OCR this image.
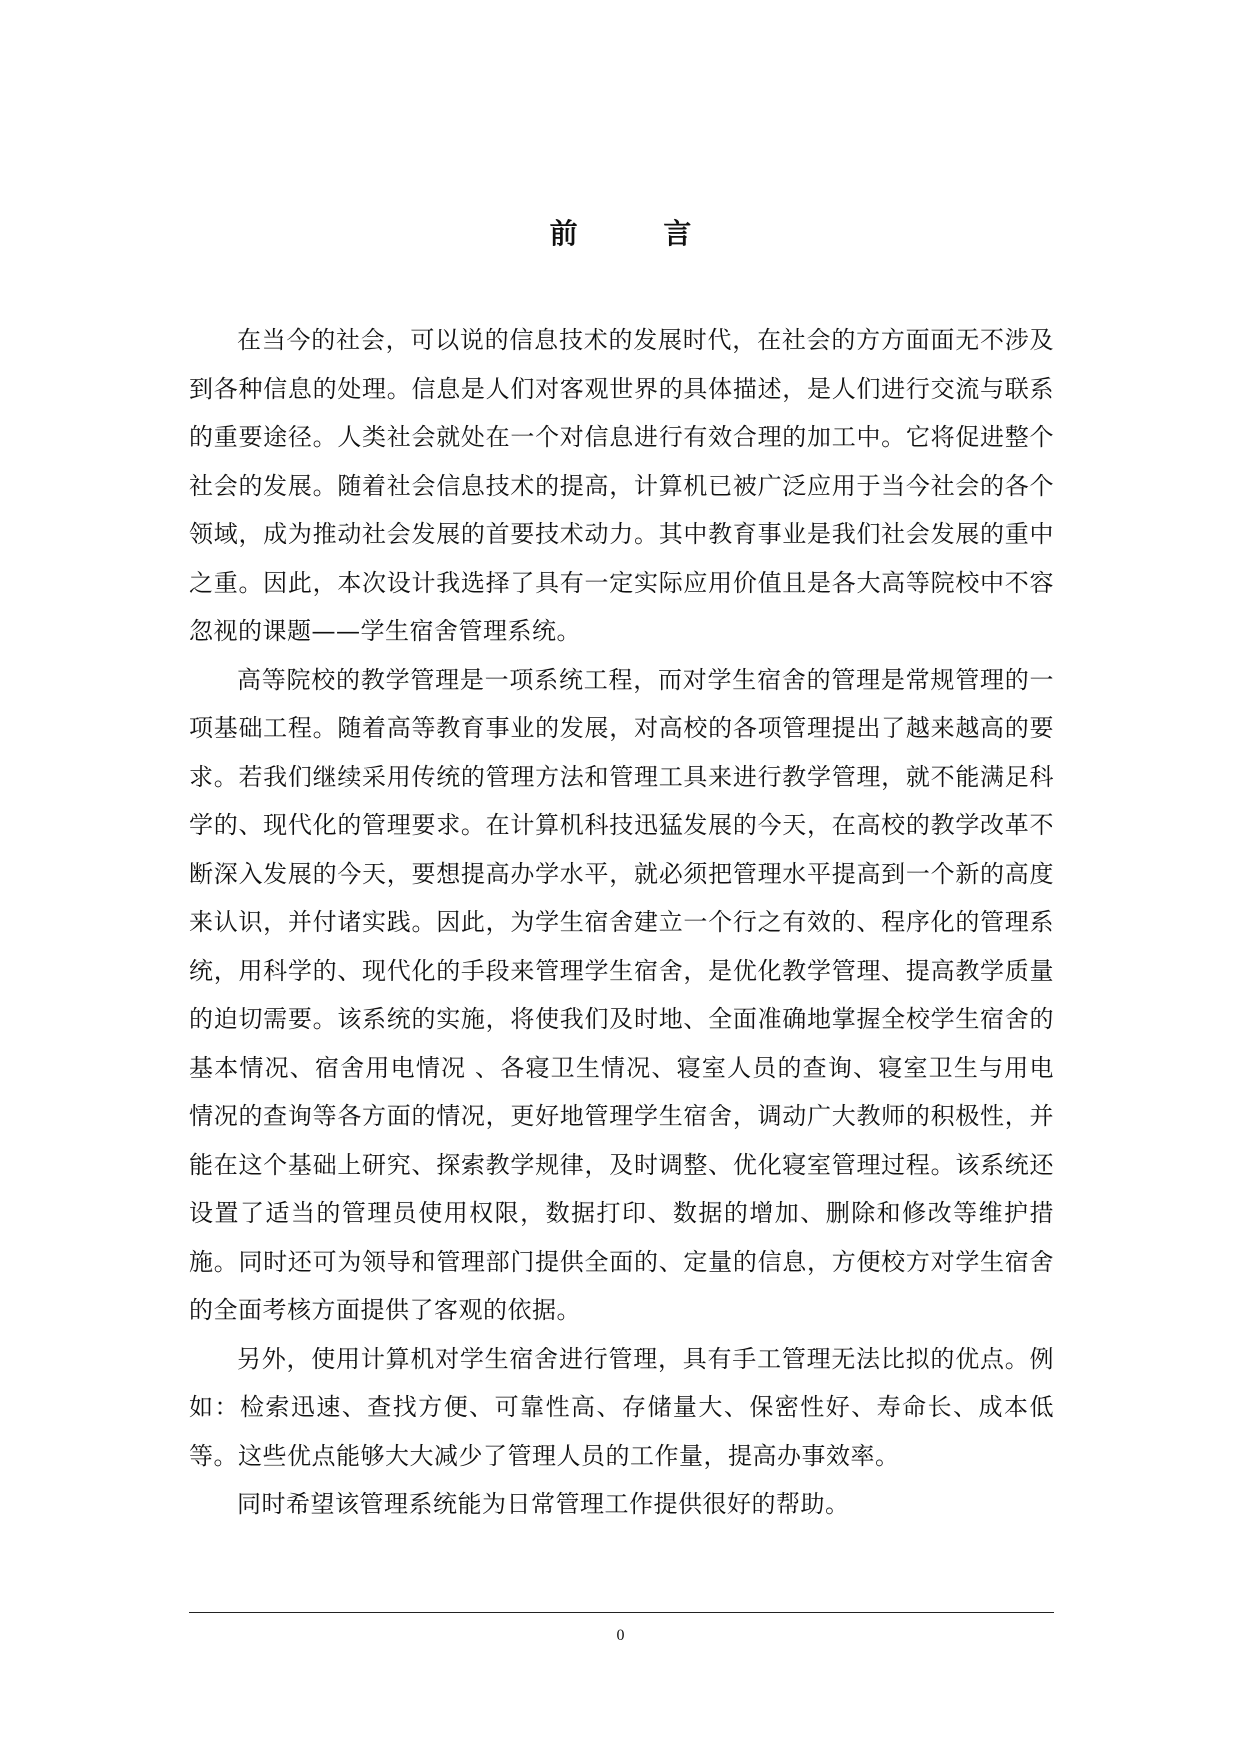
前 言

在当今的社会，可以说的信息技术的发展时代，在社会的方方面面无不涉及到各种信息的处理。信息是人们对客观世界的具体描述，是人们进行交流与联系的重要途径。人类社会就处在一个对信息进行有效合理的加工中。它将促进整个社会的发展。随着社会信息技术的提高，计算机已被广泛应用于当今社会的各个领域，成为推动社会发展的首要技术动力。其中教育事业是我们社会发展的重中之重。因此，本次设计我选择了具有一定实际应用价值且是各大高等院校中不容忽视的课题——学生宿舍管理系统。

高等院校的教学管理是一项系统工程，而对学生宿舍的管理是常规管理的一项基础工程。随着高等教育事业的发展，对高校的各项管理提出了越来越高的要求。若我们继续采用传统的管理方法和管理工具来进行教学管理，就不能满足科学的、现代化的管理要求。在计算机科技迅猛发展的今天，在高校的教学改革不断深入发展的今天，要想提高办学水平，就必须把管理水平提高到一个新的高度来认识，并付诸实践。因此，为学生宿舍建立一个行之有效的、程序化的管理系统，用科学的、现代化的手段来管理学生宿舍，是优化教学管理、提高教学质量的迫切需要。该系统的实施，将使我们及时地、全面准确地掌握全校学生宿舍的基本情况、宿舍用电情况 、各寝卫生情况、寝室人员的查询、寝室卫生与用电情况的查询等各方面的情况，更好地管理学生宿舍，调动广大教师的积极性，并能在这个基础上研究、探索教学规律，及时调整、优化寝室管理过程。该系统还设置了适当的管理员使用权限，数据打印、数据的增加、删除和修改等维护措施。同时还可为领导和管理部门提供全面的、定量的信息，方便校方对学生宿舍的全面考核方面提供了客观的依据。

另外，使用计算机对学生宿舍进行管理，具有手工管理无法比拟的优点。例如：检索迅速、查找方便、可靠性高、存储量大、保密性好、寿命长、成本低等。这些优点能够大大减少了管理人员的工作量，提高办事效率。

同时希望该管理系统能为日常管理工作提供很好的帮助。

0
